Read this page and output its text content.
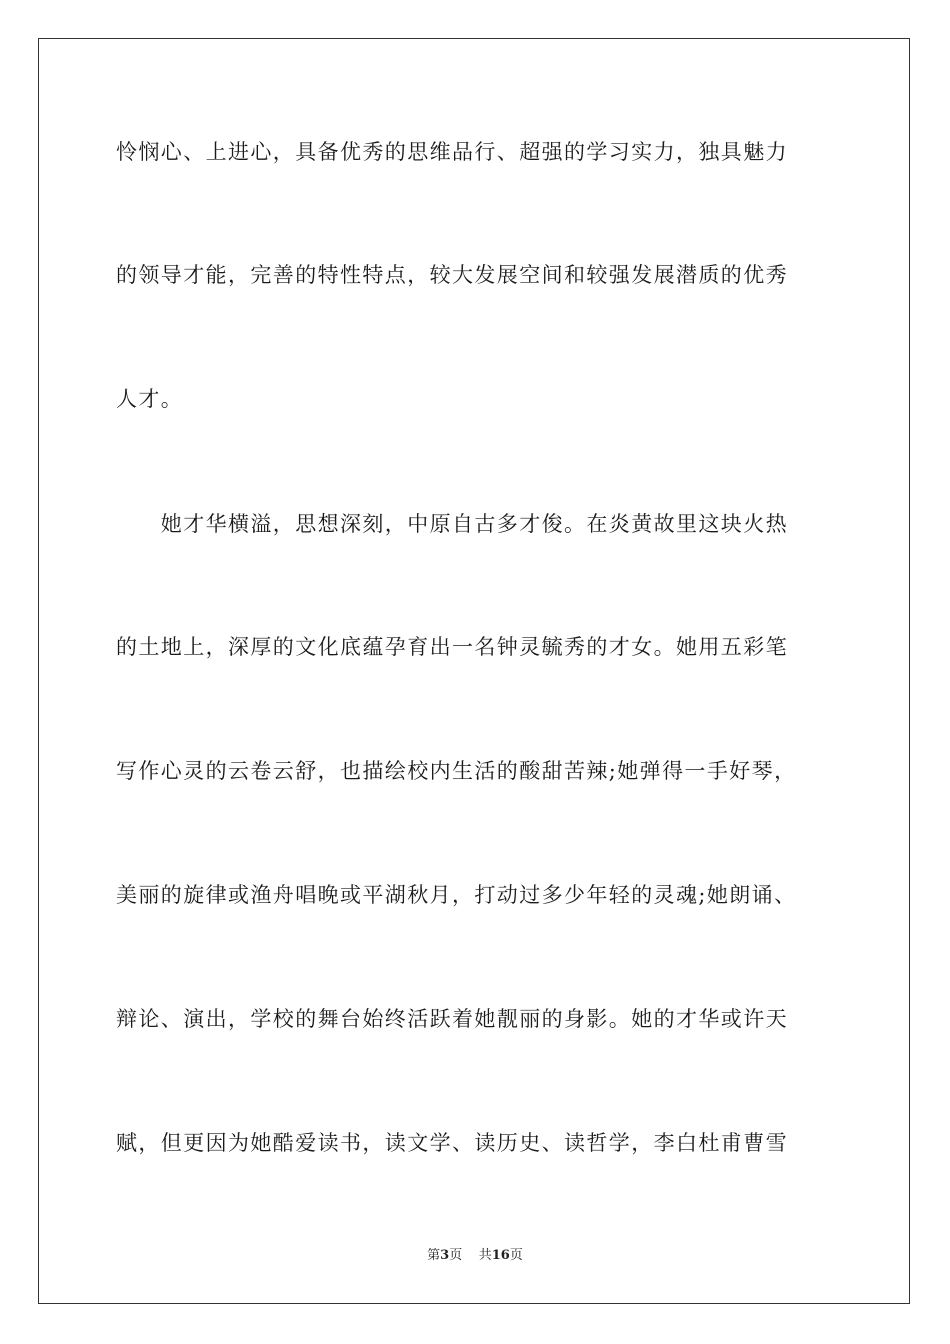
怜悯心、上进心，具备优秀的思维品行、超强的学习实力，独具魅力
的领导才能，完善的特性特点，较大发展空间和较强发展潜质的优秀
人才。
　　她才华横溢，思想深刻，中原自古多才俊。在炎黄故里这块火热
的土地上，深厚的文化底蕴孕育出一名钟灵毓秀的才女。她用五彩笔
写作心灵的云卷云舒，也描绘校内生活的酸甜苦辣;她弹得一手好琴，
美丽的旋律或渔舟唱晚或平湖秋月，打动过多少年轻的灵魂;她朗诵、
辩论、演出，学校的舞台始终活跃着她靓丽的身影。她的才华或许天
赋，但更因为她酷爱读书，读文学、读历史、读哲学，李白杜甫曹雪
第3页 共16页
